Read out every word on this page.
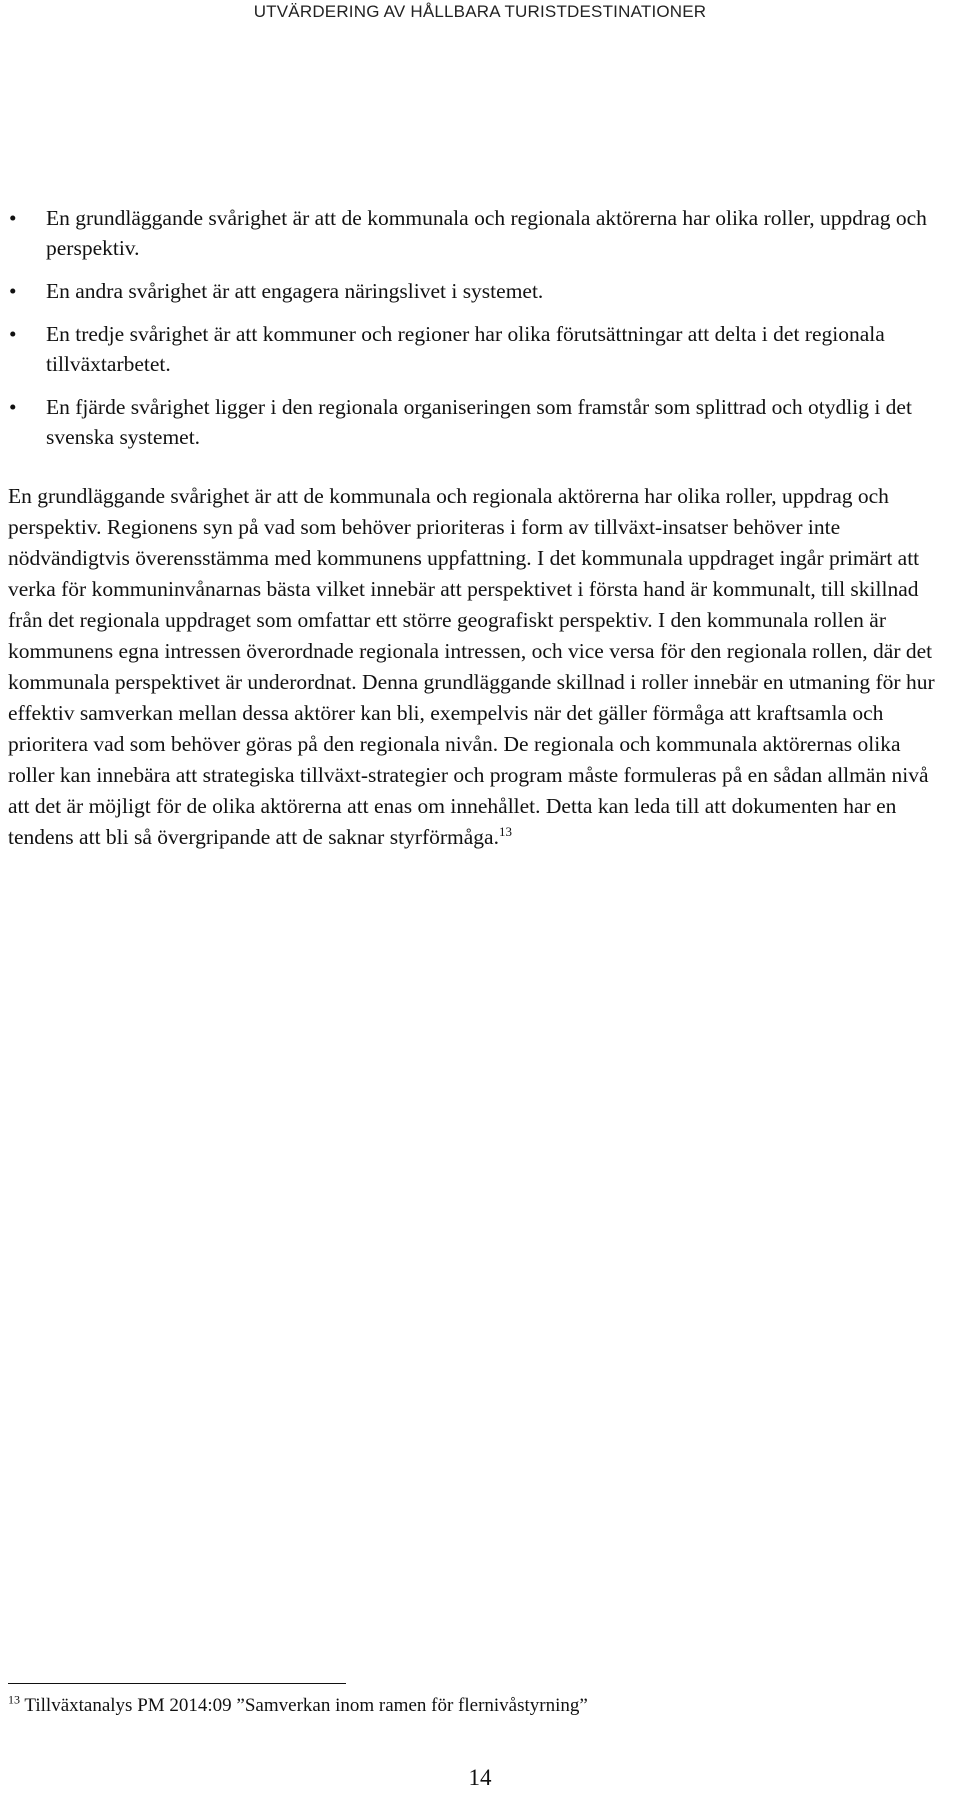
UTVÄRDERING AV HÅLLBARA TURISTDESTINATIONER
•	En grundläggande svårighet är att de kommunala och regionala aktörerna har olika roller, uppdrag och perspektiv.
•	En andra svårighet är att engagera näringslivet i systemet.
•	En tredje svårighet är att kommuner och regioner har olika förutsättningar att delta i det regionala tillväxtarbetet.
•	En fjärde svårighet ligger i den regionala organiseringen som framstår som splittrad och otydlig i det svenska systemet.

En grundläggande svårighet är att de kommunala och regionala aktörerna har olika roller, uppdrag och perspektiv. Regionens syn på vad som behöver prioriteras i form av tillväxt-insatser behöver inte nödvändigtvis överensstämma med kommunens uppfattning. I det kommunala uppdraget ingår primärt att verka för kommuninvånarnas bästa vilket innebär att perspektivet i första hand är kommunalt, till skillnad från det regionala uppdraget som omfattar ett större geografiskt perspektiv. I den kommunala rollen är kommunens egna intressen överordnade regionala intressen, och vice versa för den regionala rollen, där det kommunala perspektivet är underordnat. Denna grundläggande skillnad i roller innebär en utmaning för hur effektiv samverkan mellan dessa aktörer kan bli, exempelvis när det gäller förmåga att kraftsamla och prioritera vad som behöver göras på den regionala nivån. De regionala och kommunala aktörernas olika roller kan innebära att strategiska tillväxt-strategier och program måste formuleras på en sådan allmän nivå att det är möjligt för de olika aktörerna att enas om innehållet. Detta kan leda till att dokumenten har en tendens att bli så övergripande att de saknar styrförmåga.$^{13}$

$^{13}$ Tillväxtanalys PM 2014:09 ”Samverkan inom ramen för flernivåstyrning”
14
